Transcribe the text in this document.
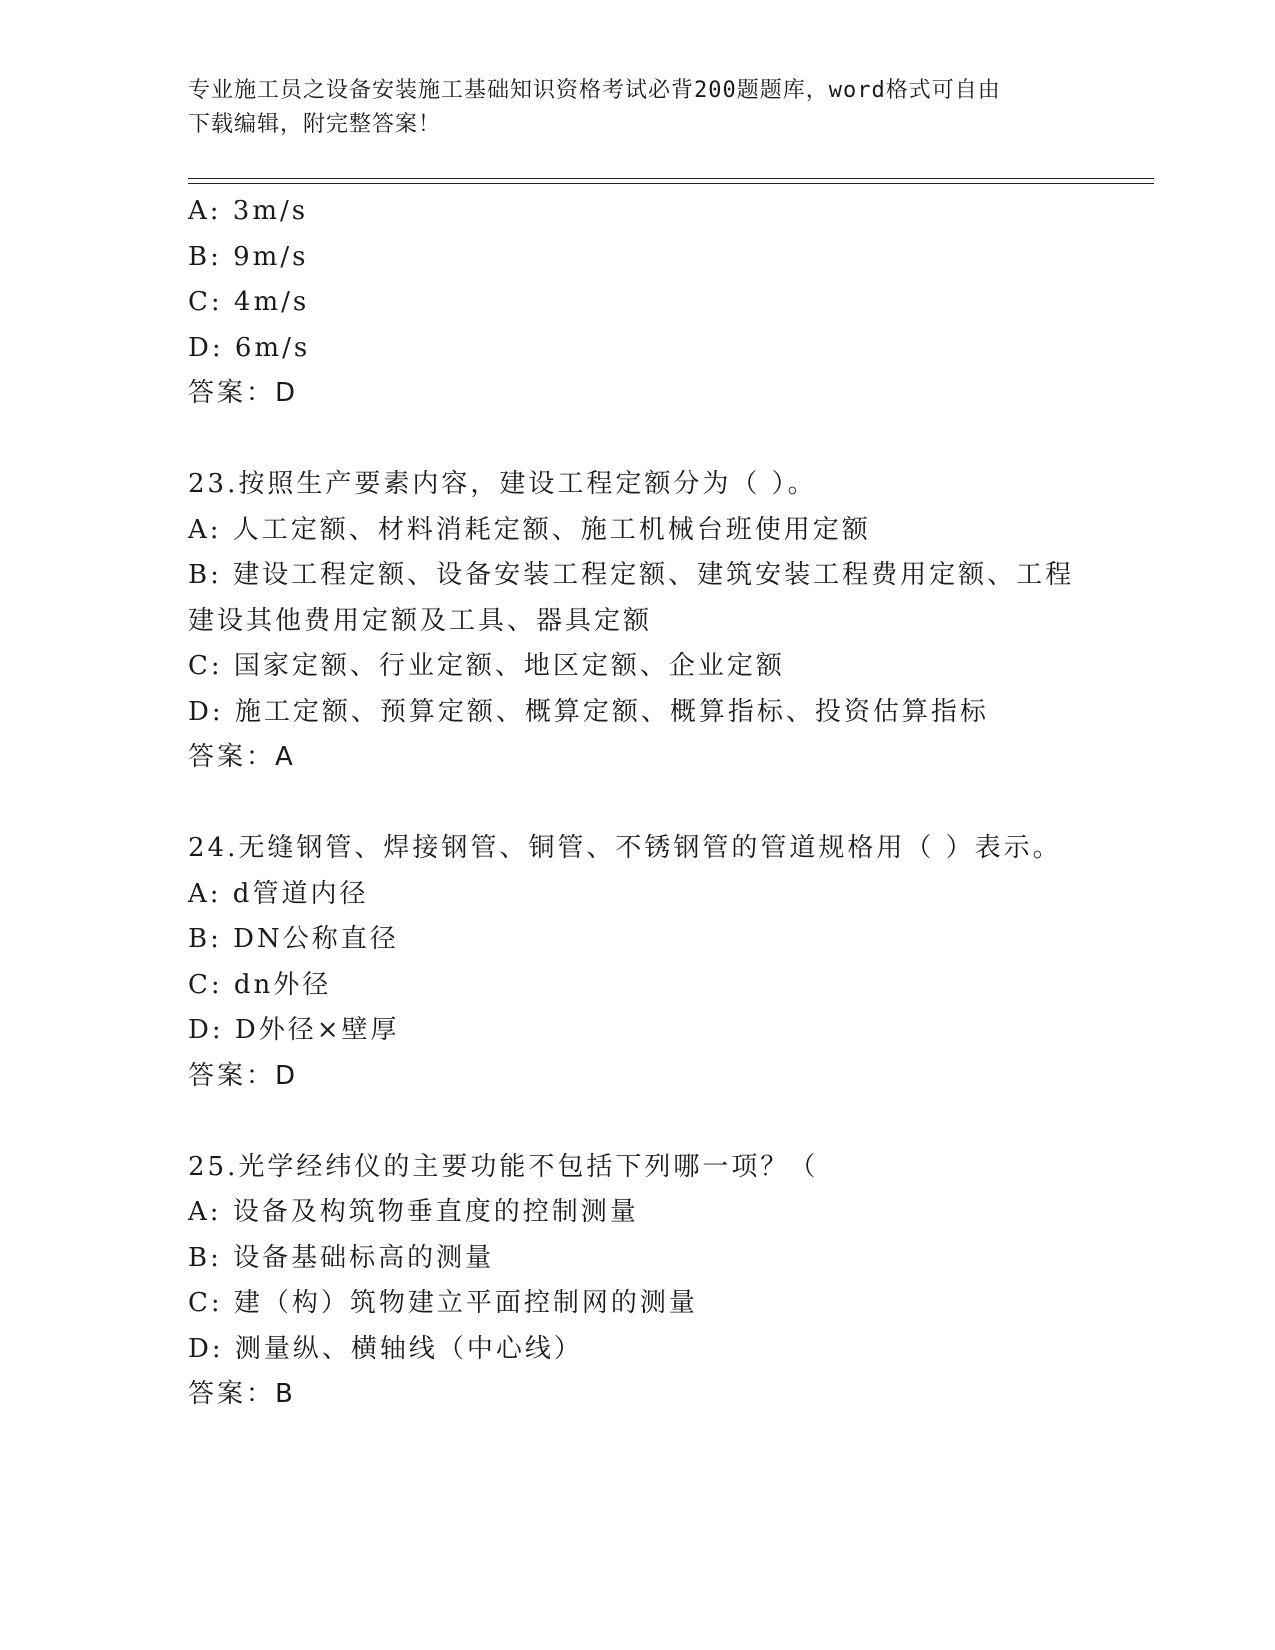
专业施工员之设备安装施工基础知识资格考试必背200题题库，word格式可自由
下载编辑，附完整答案！
A: 3m/s
B: 9m/s
C: 4m/s
D: 6m/s
答案：D
23.按照生产要素内容，建设工程定额分为（ ）。
A: 人工定额、材料消耗定额、施工机械台班使用定额
B: 建设工程定额、设备安装工程定额、建筑安装工程费用定额、工程
建设其他费用定额及工具、器具定额
C: 国家定额、行业定额、地区定额、企业定额
D: 施工定额、预算定额、概算定额、概算指标、投资估算指标
答案：A
24.无缝钢管、焊接钢管、铜管、不锈钢管的管道规格用（ ）表示。
A: d管道内径
B: DN公称直径
C: dn外径
D: D外径×壁厚
答案：D
25.光学经纬仪的主要功能不包括下列哪一项？（
A: 设备及构筑物垂直度的控制测量
B: 设备基础标高的测量
C: 建（构）筑物建立平面控制网的测量
D: 测量纵、横轴线（中心线）
答案：B
